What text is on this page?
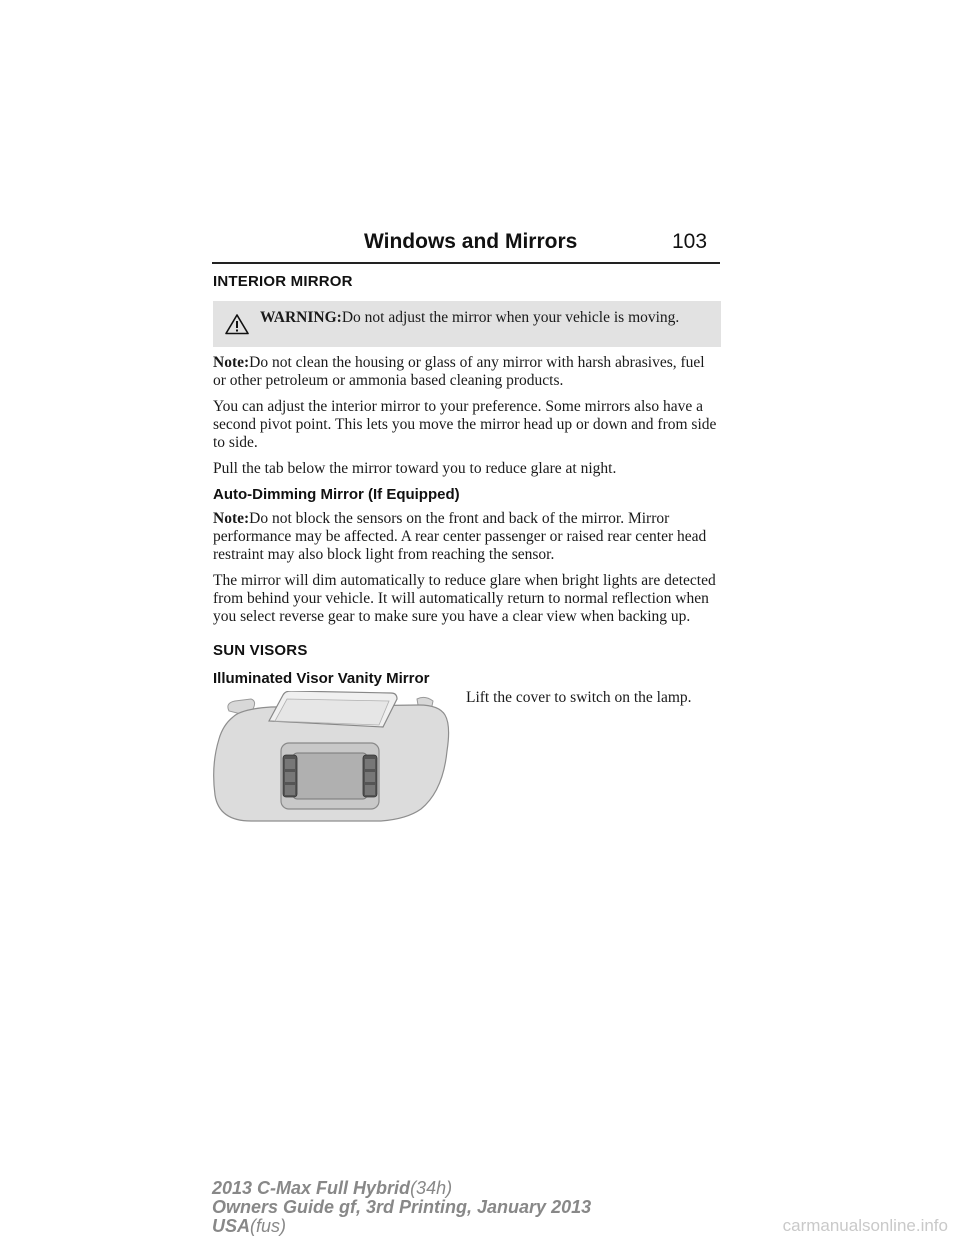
Windows and Mirrors	103
INTERIOR MIRROR
WARNING:Do not adjust the mirror when your vehicle is moving.

Note:Do not clean the housing or glass of any mirror with harsh abrasives, fuel or other petroleum or ammonia based cleaning products.

You can adjust the interior mirror to your preference. Some mirrors also have a second pivot point. This lets you move the mirror head up or down and from side to side.

Pull the tab below the mirror toward you to reduce glare at night.

Auto-Dimming Mirror (If Equipped)

Note:Do not block the sensors on the front and back of the mirror. Mirror performance may be affected. A rear center passenger or raised rear center head restraint may also block light from reaching the sensor.

The mirror will dim automatically to reduce glare when bright lights are detected from behind your vehicle. It will automatically return to normal reflection when you select reverse gear to make sure you have a clear view when backing up.

SUN VISORS
Illuminated Visor Vanity Mirror

Lift the cover to switch on the lamp.

2013 C-Max Full Hybrid(34h)
Owners Guide gf, 3rd Printing, January 2013
USA(fus)	carmanualsonline.info
